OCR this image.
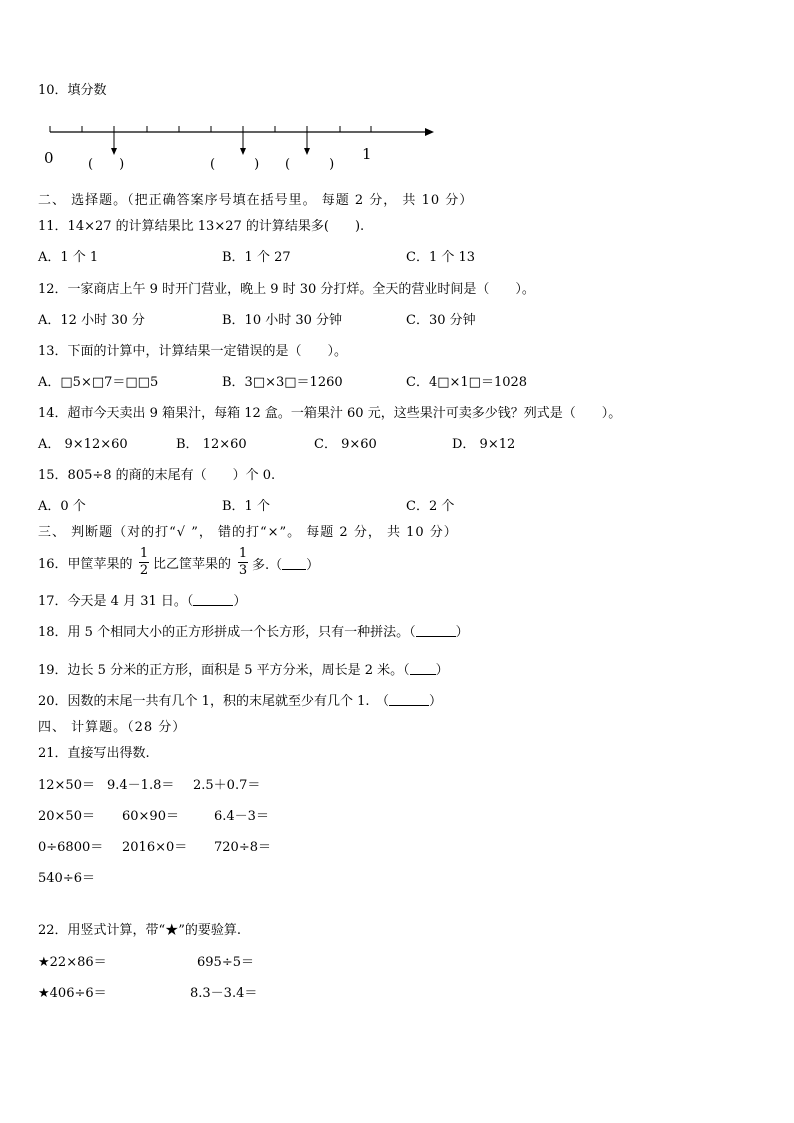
10．填分数
0	1
(　　)	(　　　) (　　　)
二、 选择题。（把正确答案序号填在括号里。 每题 2 分， 共 10 分）
11．14×27 的计算结果比 13×27 的计算结果多(　　).
A．1 个 1	B．1 个 27	C．1 个 13
12．一家商店上午 9 时开门营业，晚上 9 时 30 分打烊。全天的营业时间是（　　）。
A．12 小时 30 分	B．10 小时 30 分钟	C．30 分钟
13．下面的计算中，计算结果一定错误的是（　　）。
A．□5×□7＝□□5	B．3□×3□＝1260	C．4□×1□＝1028
14．超市今天卖出 9 箱果汁，每箱 12 盒。一箱果汁 60 元，这些果汁可卖多少钱？列式是（　　）。
A． 9×12×60	B． 12×60	C． 9×60	D． 9×12
15．805÷8 的商的末尾有（　　）个 0.
A．0 个	B．1 个	C．2 个
三、 判断题（对的打“√ ”， 错的打“×”。 每题 2 分， 共 10 分）
16．甲筐苹果的
1
2 比乙筐苹果的
1
3 多.（ ）
17．今天是 4 月 31 日。（	）
18．用 5 个相同大小的正方形拼成一个长方形，只有一种拼法。（	）
19．边长 5 分米的正方形，面积是 5 平方分米，周长是 2 米。（ ）
20．因数的末尾一共有几个 1，积的末尾就至少有几个 1.　（	）
四、 计算题。（28 分）
21．直接写出得数.
12×50＝ 9.4－1.8＝ 2.5＋0.7＝
20×50＝ 60×90＝	6.4－3＝
0÷6800＝ 2016×0＝ 720÷8＝
540÷6＝
22．用竖式计算，带“★”的要验算.
★22×86＝	695÷5＝
★406÷6＝	8.3－3.4＝
